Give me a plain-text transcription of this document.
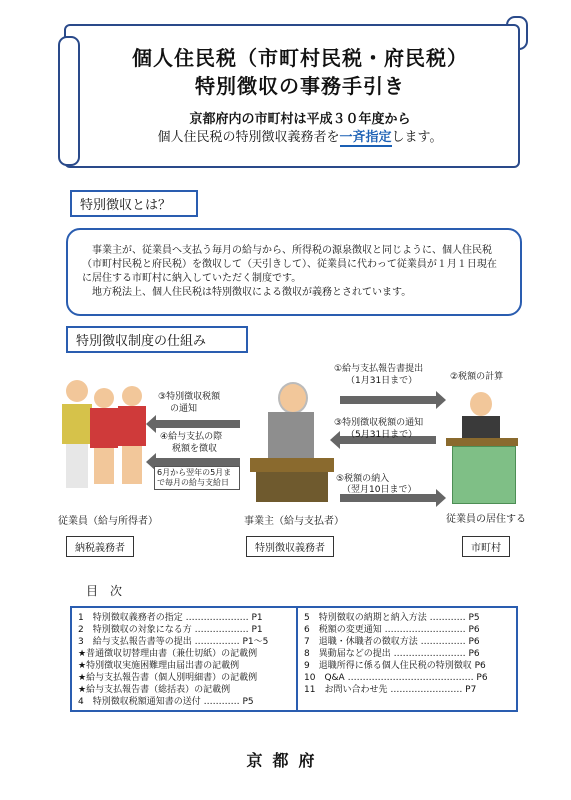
個人住民税（市町村民税・府民税）
特別徴収の事務手引き
京都府内の市町村は平成３０年度から
個人住民税の特別徴収義務者を一斉指定します。
特別徴収とは？

事業主が、従業員へ支払う毎月の給与から、所得税の源泉徴収と同じように、個人住民税（市町村民税と府民税）を徴収して（天引きして）、従業員に代わって従業員が１月１日現在に居住する市町村に納入していただく制度です。

地方税法上、個人住民税は特別徴収による徴収が義務とされています。

特別徴収制度の仕組み
①給与支払報告書提出
（1月31日まで）	②税額の計算
③特別徴収税額の通知
（5月31日まで）
⑤税額の納入
（翌月10日まで）
③特別徴収税額
の通知
④給与支払の際
税額を徴収
6月から翌年の5月まで毎月の給与支給日
従業員（給与所得者）
納税義務者
事業主（給与支払者）
特別徴収義務者
従業員の居住する
市町村
目　次
1　特別徴収義務者の指定 ………………… P1
2　特別徴収の対象になる方 ……………… P1
3　給与支払報告書等の提出 …………… P1〜5
★普通徴収切替理由書（兼仕切紙）の記載例
★特別徴収実施困難理由届出書の記載例
★給与支払報告書（個人別明細書）の記載例
★給与支払報告書（総括表）の記載例
4　特別徴収税額通知書の送付 ………… P5
5　特別徴収の納期と納入方法 ………… P5
6　税額の変更通知 ……………………… P6
7　退職・休職者の徴収方法 …………… P6
8　異動届などの提出 …………………… P6
9　退職所得に係る個人住民税の特別徴収 P6
10　Q&A …………………………………… P6
11　お問い合わせ先 …………………… P7
京都府
